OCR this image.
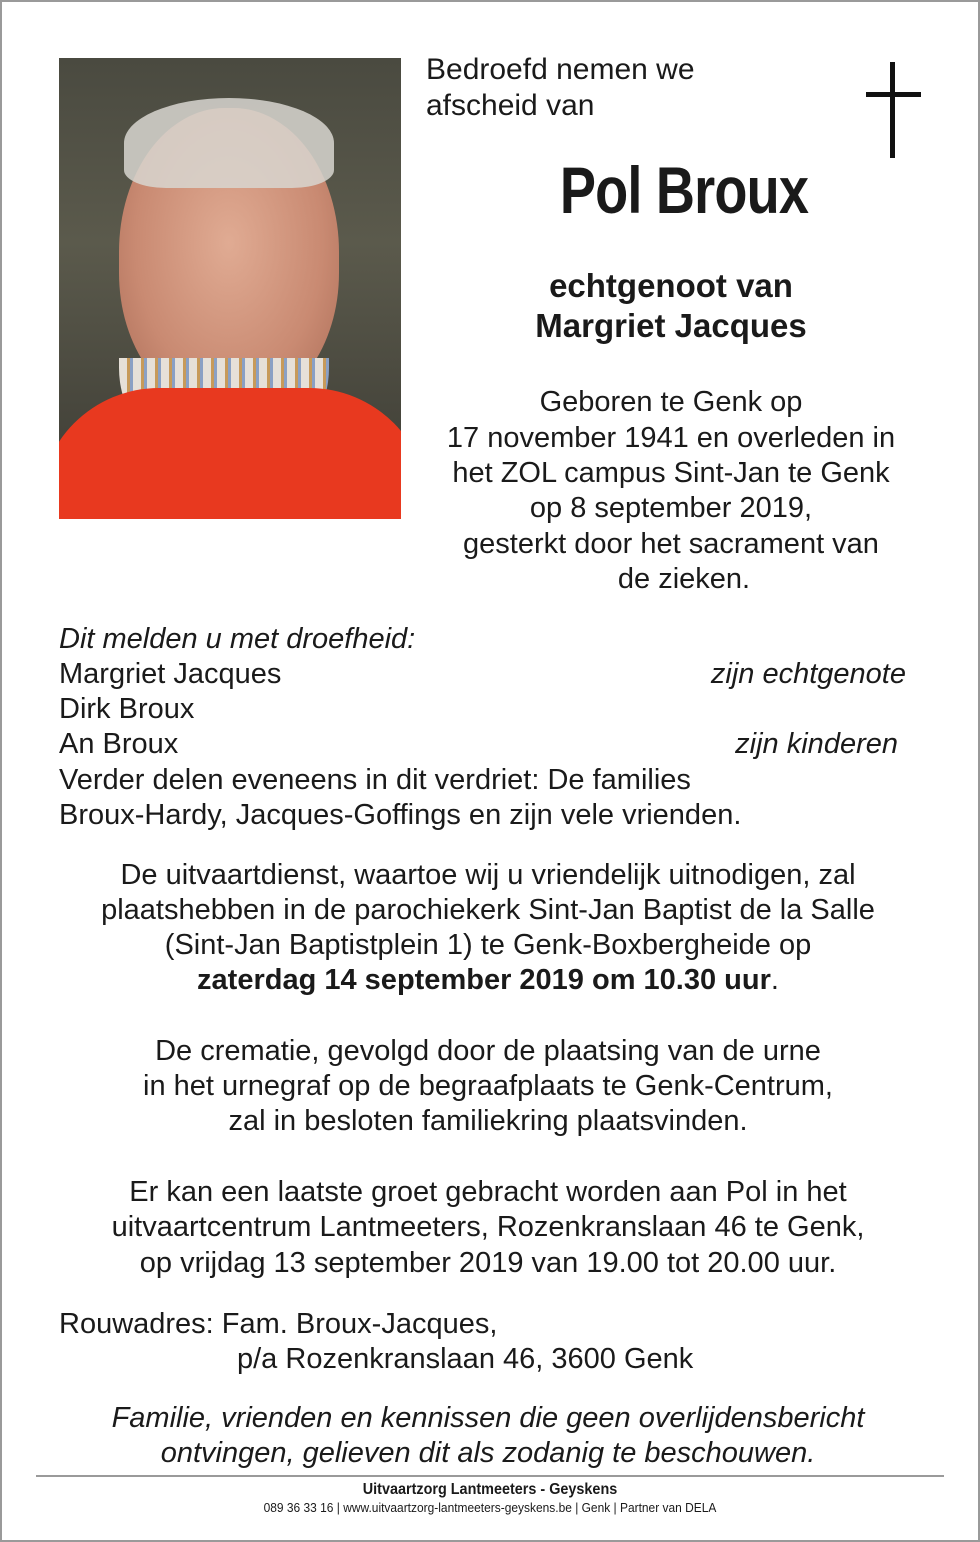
Bedroefd nemen we
afscheid van
Pol Broux
echtgenoot van
Margriet Jacques
Geboren te Genk op
17 november 1941 en overleden in
het ZOL campus Sint-Jan te Genk
op 8 september 2019,
gesterkt door het sacrament van
de zieken.
Dit melden u met droefheid:
Margriet Jacques	zijn echtgenote
Dirk Broux
An Broux	zijn kinderen
Verder delen eveneens in dit verdriet: De families
Broux-Hardy, Jacques-Goffings en zijn vele vrienden.
De uitvaartdienst, waartoe wij u vriendelijk uitnodigen, zal
plaatshebben in de parochiekerk Sint-Jan Baptist de la Salle
(Sint-Jan Baptistplein 1) te Genk-Boxbergheide op
zaterdag 14 september 2019 om 10.30 uur.
De crematie, gevolgd door de plaatsing van de urne
in het urnegraf op de begraafplaats te Genk-Centrum,
zal in besloten familiekring plaatsvinden.
Er kan een laatste groet gebracht worden aan Pol in het
uitvaartcentrum Lantmeeters, Rozenkranslaan 46 te Genk,
op vrijdag 13 september 2019 van 19.00 tot 20.00 uur.
Rouwadres: Fam. Broux-Jacques,
p/a Rozenkranslaan 46, 3600 Genk
Familie, vrienden en kennissen die geen overlijdensbericht
ontvingen, gelieven dit als zodanig te beschouwen.
Uitvaartzorg Lantmeeters - Geyskens
089 36 33 16 | www.uitvaartzorg-lantmeeters-geyskens.be | Genk | Partner van DELA
